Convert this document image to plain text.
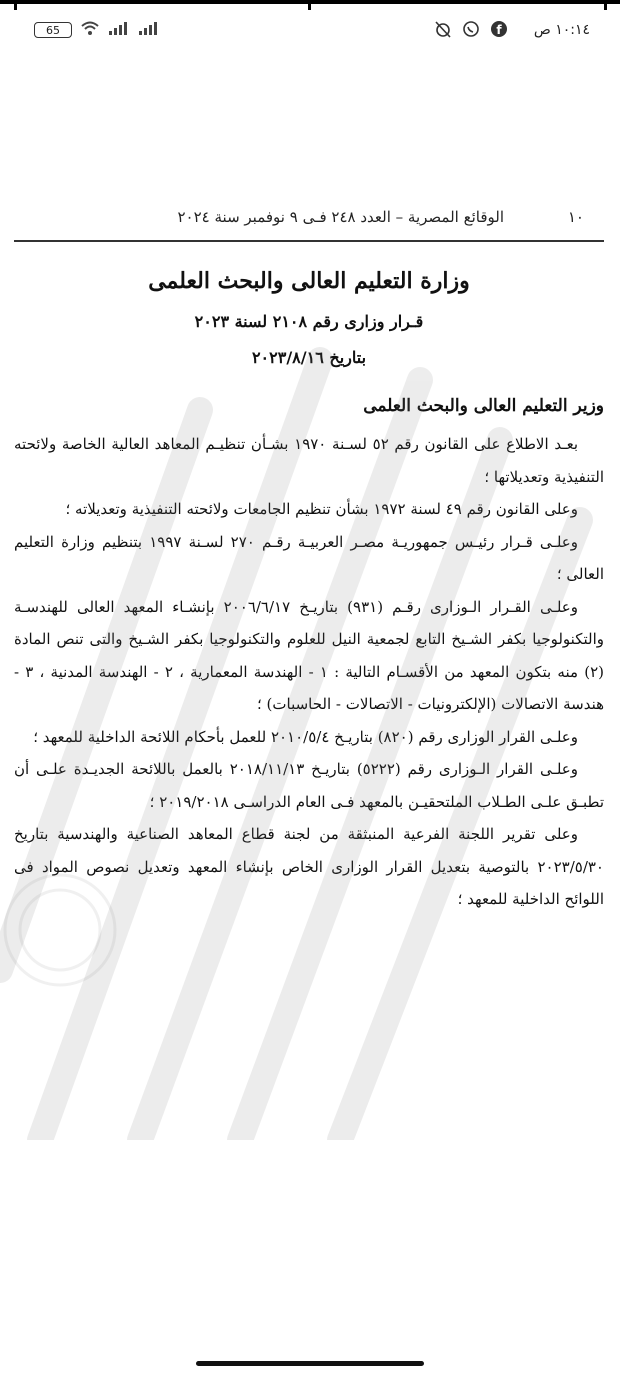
65	f ١٠:١٤ ص
١٠
الوقائع المصرية – العدد ٢٤٨ فـى ٩ نوفمبر سنة ٢٠٢٤
وزارة التعليم العالى والبحث العلمى
قـرار وزارى رقم ٢١٠٨ لسنة ٢٠٢٣
بتاريخ ٢٠٢٣/٨/١٦
وزير التعليم العالى والبحث العلمى

بعـد الاطلاع على القانون رقم ٥٢ لسـنة ١٩٧٠ بشـأن تنظيـم المعاهد العالية الخاصة ولائحته التنفيذية وتعديلاتها ؛

وعلى القانون رقم ٤٩ لسنة ١٩٧٢ بشأن تنظيم الجامعات ولائحته التنفيذية وتعديلاته ؛

وعلـى قـرار رئيـس جمهوريـة مصـر العربيـة رقـم ٢٧٠ لسـنة ١٩٩٧ بتنظيم وزارة التعليم العالى ؛

وعلـى القـرار الـوزارى رقـم (٩٣١) بتاريـخ ٢٠٠٦/٦/١٧ بإنشـاء المعهد العالى للهندسـة والتكنولوجيا بكفر الشـيخ التابع لجمعية النيل للعلوم والتكنولوجيا بكفر الشـيخ والتى تنص المادة (٢) منه بتكون المعهد من الأقسـام التالية : ١ - الهندسة المعمارية ، ٢ - الهندسة المدنية ، ٣ - هندسة الاتصالات (الإلكترونيات - الاتصالات - الحاسبات) ؛

وعلـى القرار الوزارى رقم (٨٢٠) بتاريـخ ٢٠١٠/٥/٤ للعمل بأحكام اللائحة الداخلية للمعهد ؛

وعلـى القرار الـوزارى رقم (٥٢٢٢) بتاريـخ ٢٠١٨/١١/١٣ بالعمل باللائحة الجديـدة علـى أن تطبـق علـى الطـلاب الملتحقيـن بالمعهد فـى العام الدراسـى ٢٠١٩/٢٠١٨ ؛

وعلى تقرير اللجنة الفرعية المنبثقة من لجنة قطاع المعاهد الصناعية والهندسية بتاريخ ٢٠٢٣/٥/٣٠ بالتوصية بتعديل القرار الوزارى الخاص بإنشاء المعهد وتعديل نصوص المواد فى اللوائح الداخلية للمعهد ؛
